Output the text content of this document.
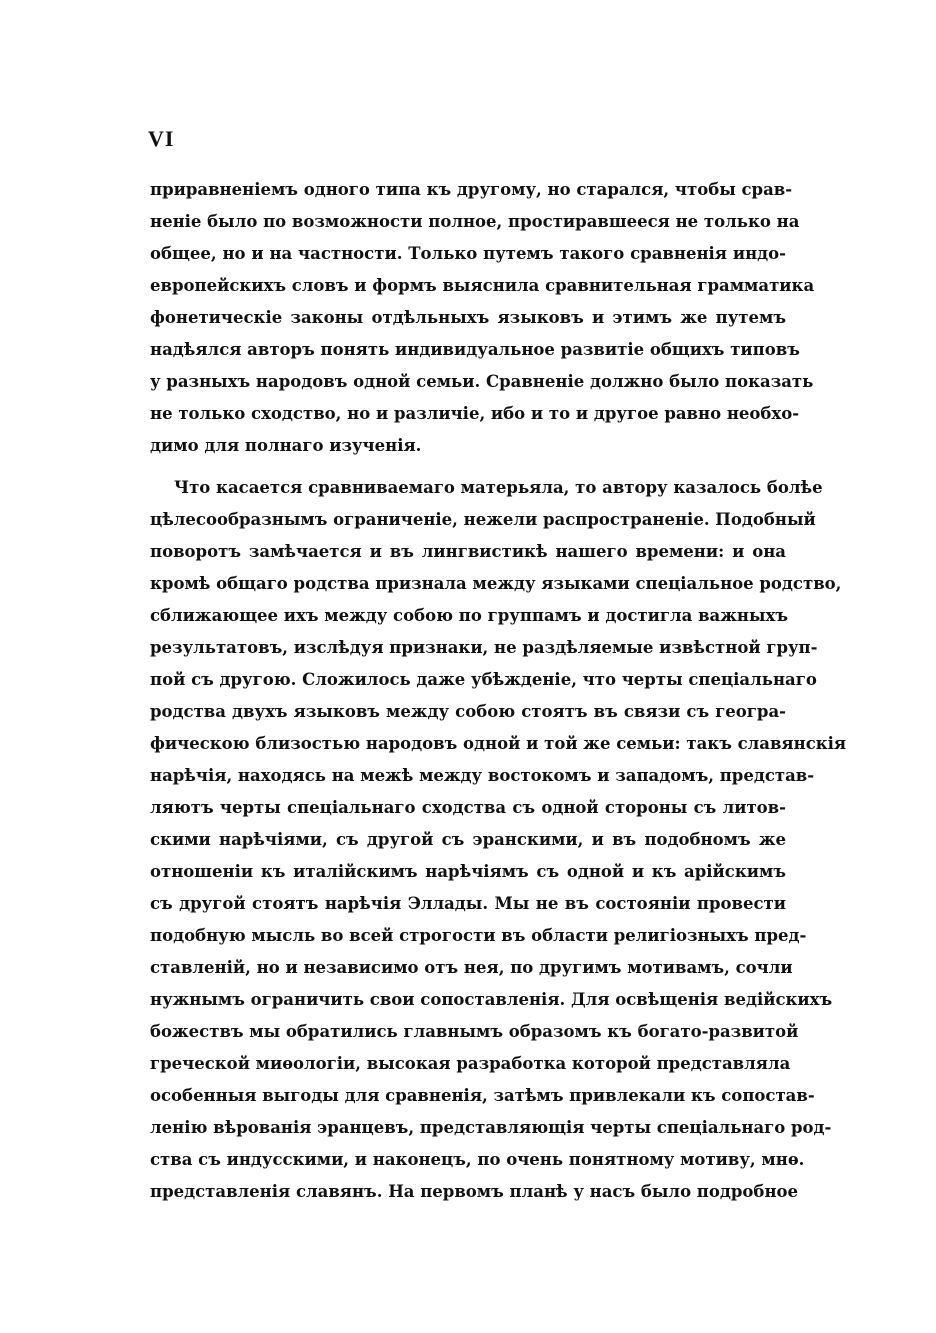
VI
приравненіемъ одного типа къ другому, но старался, чтобы срав-
неніе было по возможности полное, простиравшееся не только на
общее, но и на частности. Только путемъ такого сравненія индо-
европейскихъ словъ и формъ выяснила сравнительная грамматика
фонетическіе законы отдѣльныхъ языковъ и этимъ же путемъ
надѣялся авторъ понять индивидуальное развитіе общихъ типовъ
у разныхъ народовъ одной семьи. Сравненіе должно было показать
не только сходство, но и различіе, ибо и то и другое равно необхо-
димо для полнаго изученія.
Что касается сравниваемаго матерьяла, то автору казалось болѣе
цѣлесообразнымъ ограниченіе, нежели распространеніе. Подобный
поворотъ замѣчается и въ лингвистикѣ нашего времени: и она
кромѣ общаго родства признала между языками спеціальное родство,
сближающее ихъ между собою по группамъ и достигла важныхъ
результатовъ, изслѣдуя признаки, не раздѣляемые извѣстной груп-
пой съ другою. Сложилось даже убѣжденіе, что черты спеціальнаго
родства двухъ языковъ между собою стоятъ въ связи съ геогра-
фическою близостью народовъ одной и той же семьи: такъ славянскія
нарѣчія, находясь на межѣ между востокомъ и западомъ, представ-
ляютъ черты спеціальнаго сходства съ одной стороны съ литов-
скими нарѣчіями, съ другой съ эранскими, и въ подобномъ же
отношеніи къ италійскимъ нарѣчіямъ съ одной и къ арійскимъ
съ другой стоятъ нарѣчія Эллады. Мы не въ состояніи провести
подобную мысль во всей строгости въ области религіозныхъ пред-
ставленій, но и независимо отъ нея, по другимъ мотивамъ, сочли
нужнымъ ограничить свои сопоставленія. Для освѣщенія ведійскихъ
божествъ мы обратились главнымъ образомъ къ богато-развитой
греческой миѳологіи, высокая разработка которой представляла
особенныя выгоды для сравненія, затѣмъ привлекали къ сопостав-
ленію вѣрованія эранцевъ, представляющія черты спеціальнаго род-
ства съ индусскими, и наконецъ, по очень понятному мотиву, мнѳ.
представленія славянъ. На первомъ планѣ у насъ было подробное
